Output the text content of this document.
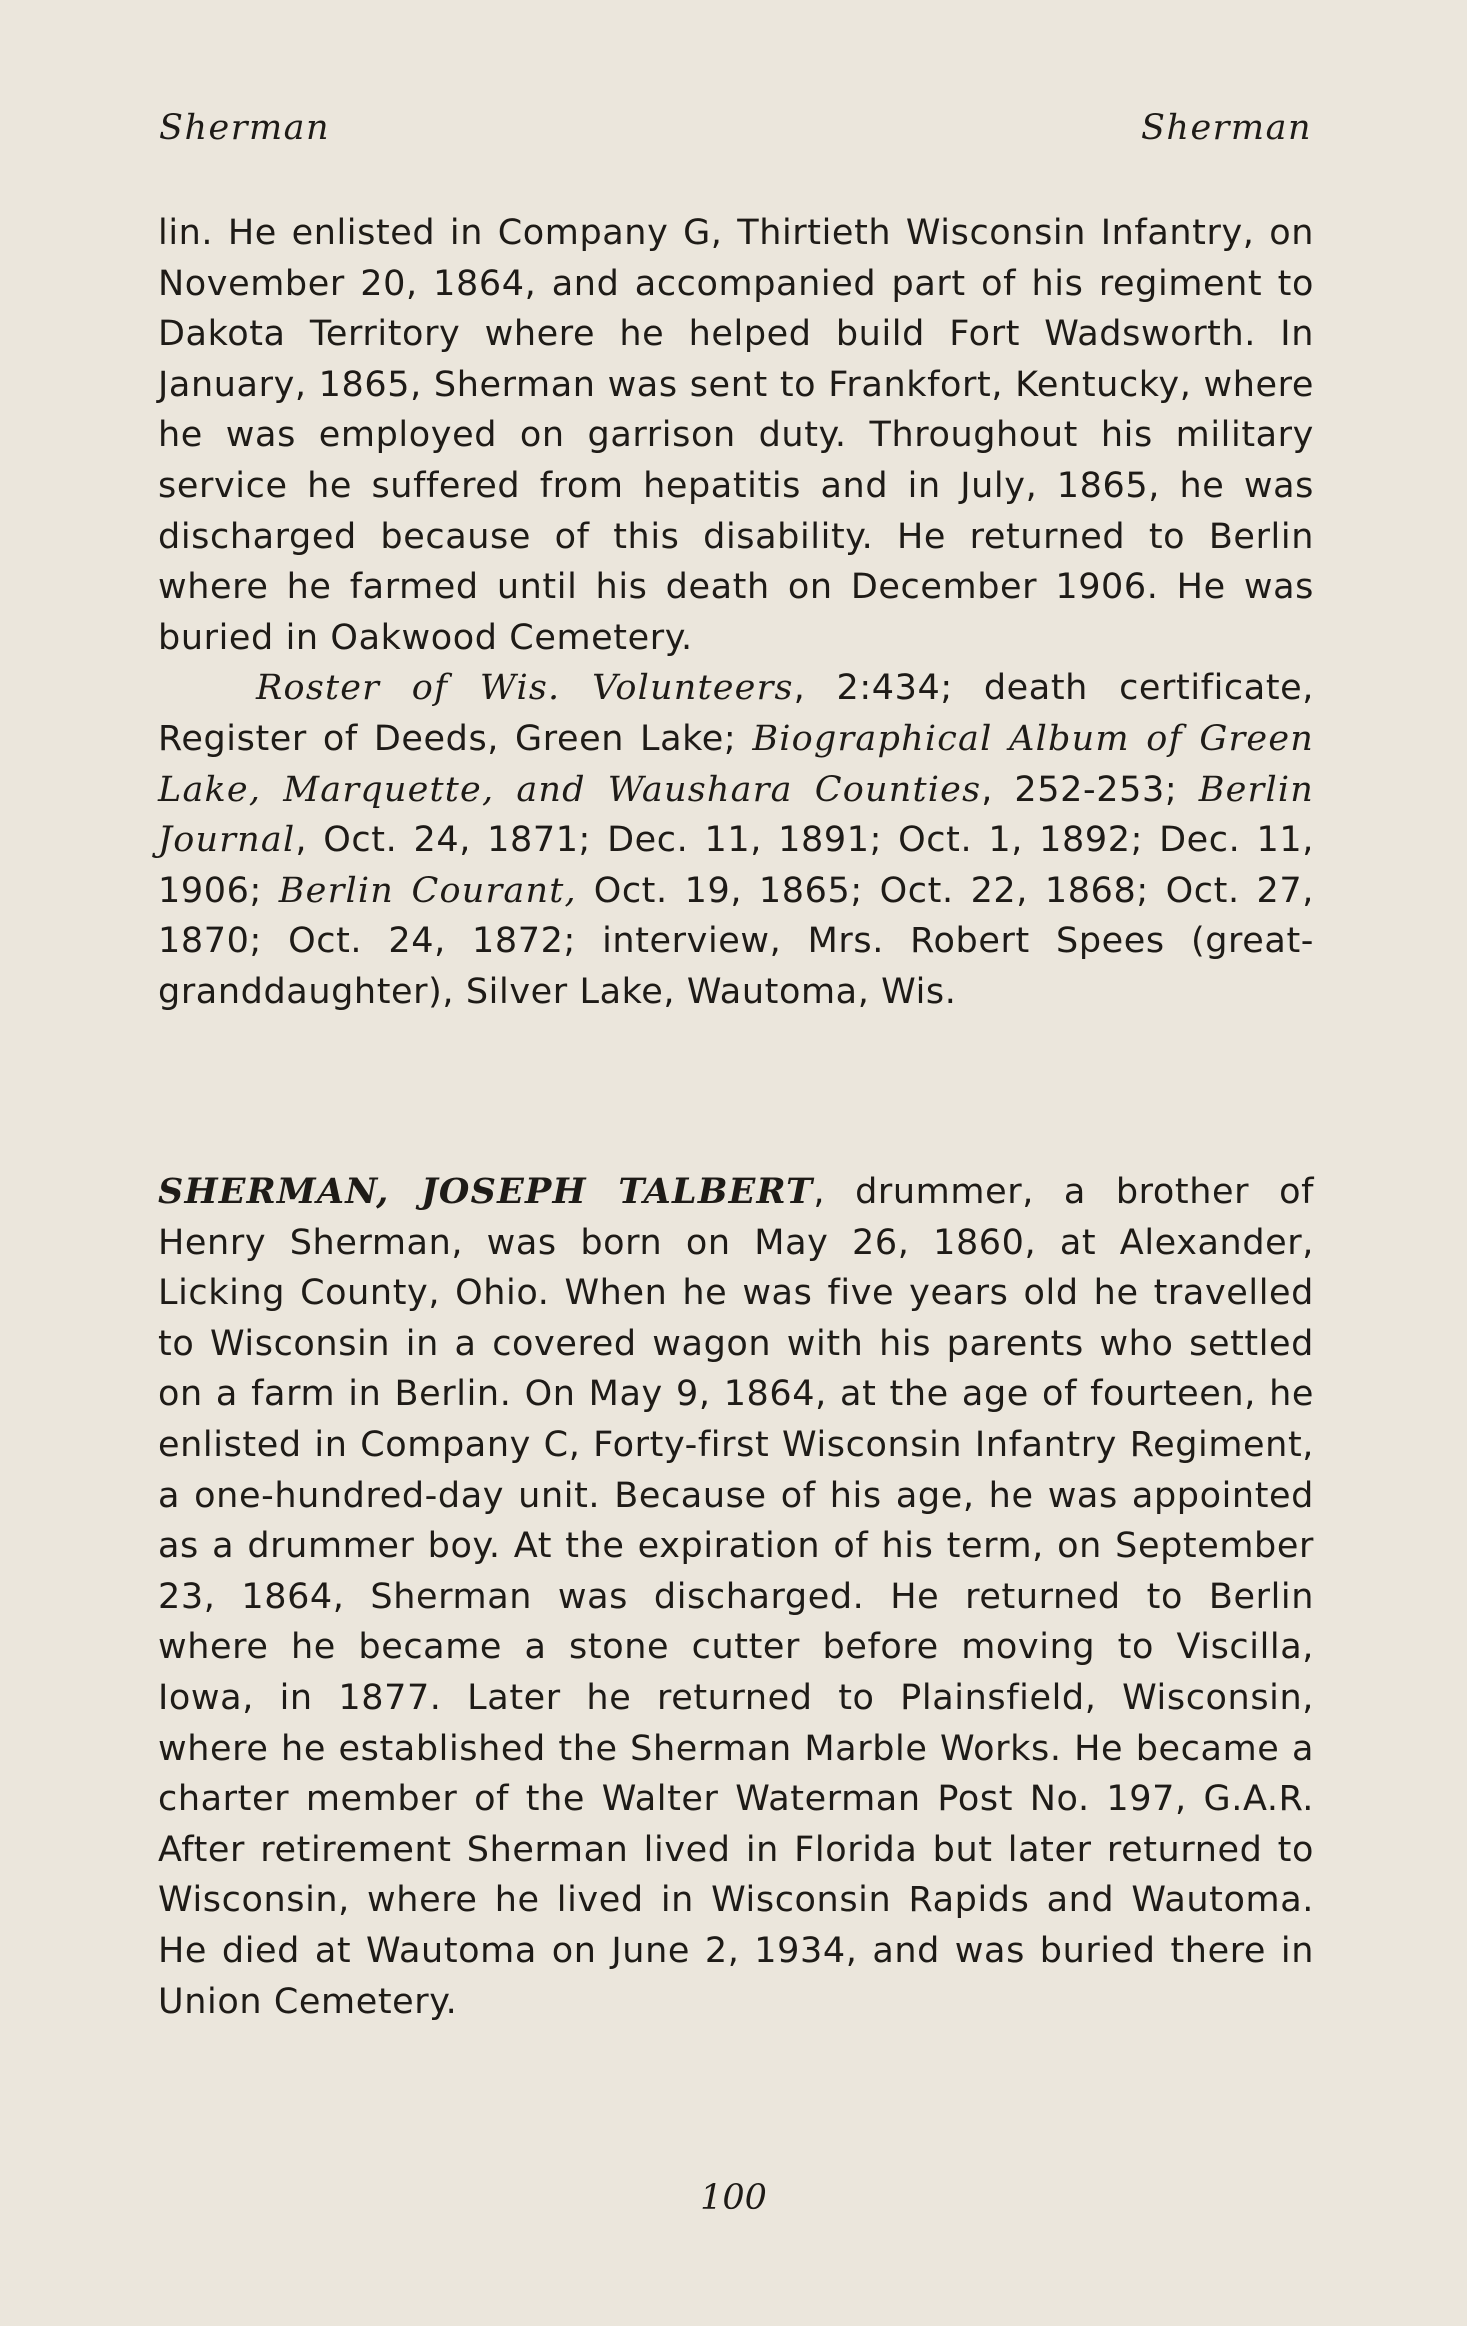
Sherman	Sherman

lin. He enlisted in Company G, Thirtieth Wisconsin Infantry, on November 20, 1864, and accompanied part of his regiment to Dakota Territory where he helped build Fort Wadsworth. In January, 1865, Sherman was sent to Frankfort, Kentucky, where he was employed on garrison duty. Throughout his military service he suffered from hepatitis and in July, 1865, he was discharged because of this disability. He returned to Berlin where he farmed until his death on December 1906. He was buried in Oakwood Cemetery.

Roster of Wis. Volunteers, 2:434; death certificate, Register of Deeds, Green Lake; Biographical Album of Green Lake, Marquette, and Waushara Counties, 252-253; Berlin Journal, Oct. 24, 1871; Dec. 11, 1891; Oct. 1, 1892; Dec. 11, 1906; Berlin Courant, Oct. 19, 1865; Oct. 22, 1868; Oct. 27, 1870; Oct. 24, 1872; interview, Mrs. Robert Spees (great-granddaughter), Silver Lake, Wautoma, Wis.

SHERMAN, JOSEPH TALBERT, drummer, a brother of Henry Sherman, was born on May 26, 1860, at Alexander, Licking County, Ohio. When he was five years old he travelled to Wisconsin in a covered wagon with his parents who settled on a farm in Berlin. On May 9, 1864, at the age of fourteen, he enlisted in Company C, Forty-first Wisconsin Infantry Regiment, a one-hundred-day unit. Because of his age, he was appointed as a drummer boy. At the expiration of his term, on September 23, 1864, Sherman was discharged. He returned to Berlin where he became a stone cutter before moving to Viscilla, Iowa, in 1877. Later he returned to Plainsfield, Wisconsin, where he established the Sherman Marble Works. He became a charter member of the Walter Waterman Post No. 197, G.A.R. After retirement Sherman lived in Florida but later returned to Wisconsin, where he lived in Wisconsin Rapids and Wautoma. He died at Wautoma on June 2, 1934, and was buried there in Union Cemetery.

100
